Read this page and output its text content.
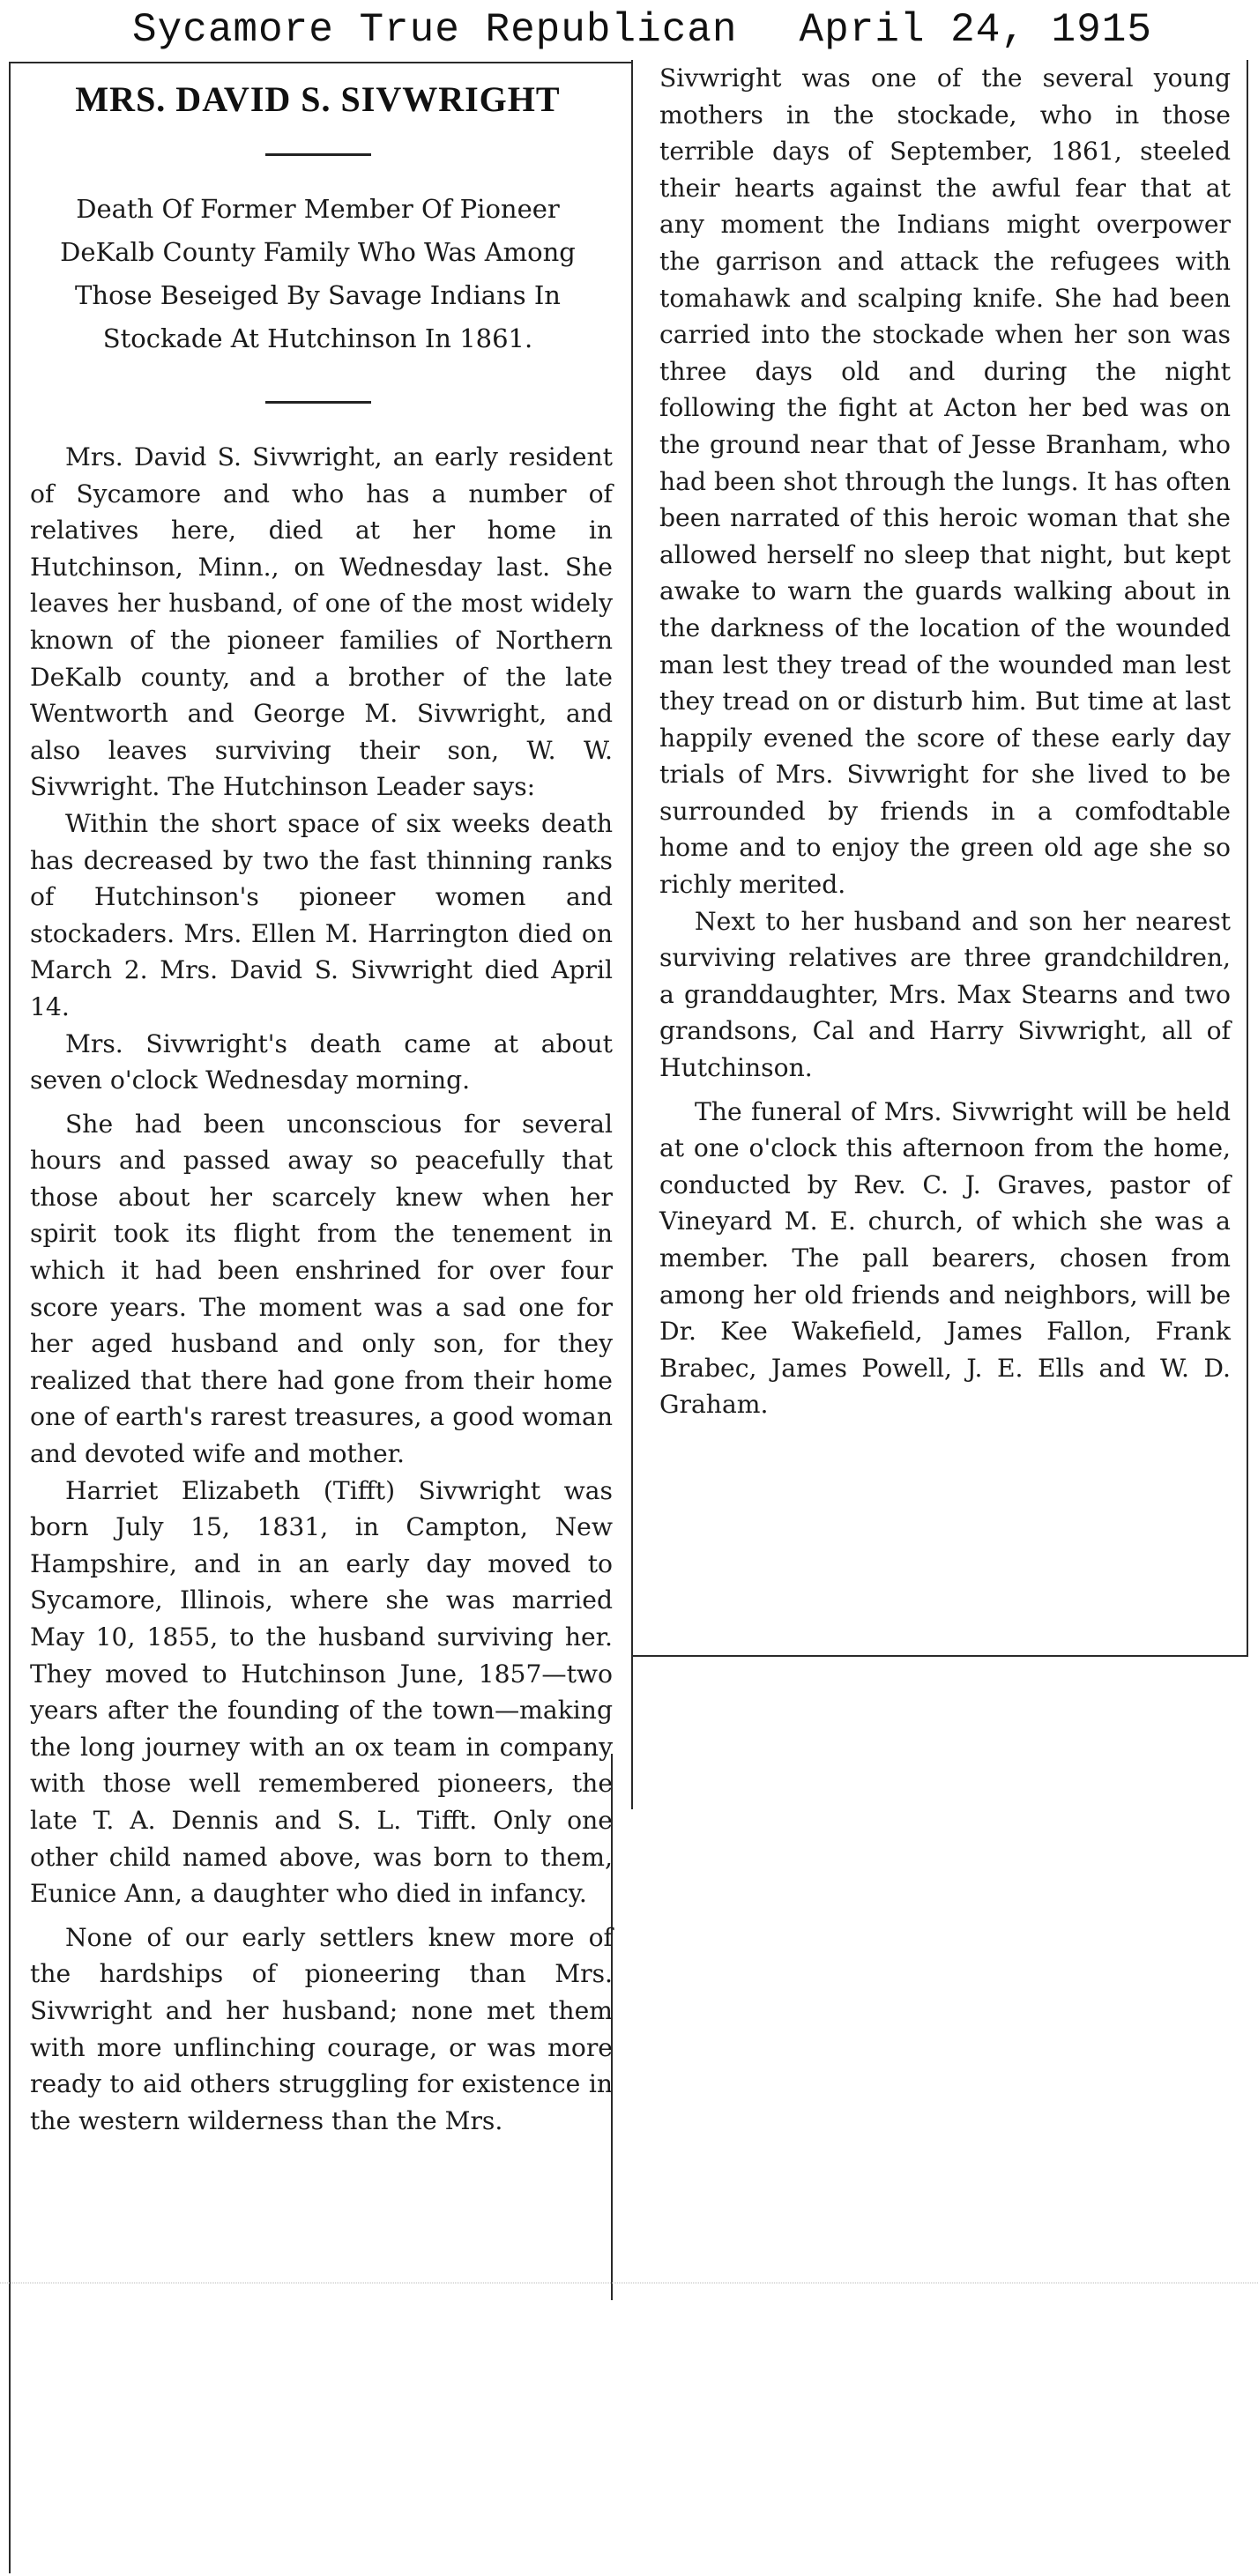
Sycamore True Republican April 24, 1915
MRS. DAVID S. SIVWRIGHT
Death Of Former Member Of Pioneer DeKalb County Family Who Was Among Those Beseiged By Savage Indians In Stockade At Hutchinson In 1861.

Mrs. David S. Sivwright, an early resident of Sycamore and who has a number of relatives here, died at her home in Hutchinson, Minn., on Wednesday last. She leaves her husband, of one of the most widely known of the pioneer families of Northern DeKalb county, and a brother of the late Wentworth and George M. Sivwright, and also leaves surviving their son, W. W. Sivwright. The Hutchinson Leader says:

Within the short space of six weeks death has decreased by two the fast thinning ranks of Hutchinson's pioneer women and stockaders. Mrs. Ellen M. Harrington died on March 2. Mrs. David S. Sivwright died April 14.

Mrs. Sivwright's death came at about seven o'clock Wednesday morning.

She had been unconscious for several hours and passed away so peacefully that those about her scarcely knew when her spirit took its flight from the tenement in which it had been enshrined for over four score years. The moment was a sad one for her aged husband and only son, for they realized that there had gone from their home one of earth's rarest treasures, a good woman and devoted wife and mother.

Harriet Elizabeth (Tifft) Sivwright was born July 15, 1831, in Campton, New Hampshire, and in an early day moved to Sycamore, Illinois, where she was married May 10, 1855, to the husband surviving her. They moved to Hutchinson June, 1857—two years after the founding of the town—making the long journey with an ox team in company with those well remembered pioneers, the late T. A. Dennis and S. L. Tifft. Only one other child named above, was born to them, Eunice Ann, a daughter who died in infancy.

None of our early settlers knew more of the hardships of pioneering than Mrs. Sivwright and her husband; none met them with more unflinching courage, or was more ready to aid others struggling for existence in the western wilderness than the Mrs.

Sivwright was one of the several young mothers in the stockade, who in those terrible days of September, 1861, steeled their hearts against the awful fear that at any moment the Indians might overpower the garrison and attack the refugees with tomahawk and scalping knife. She had been carried into the stockade when her son was three days old and during the night following the fight at Acton her bed was on the ground near that of Jesse Branham, who had been shot through the lungs. It has often been narrated of this heroic woman that she allowed herself no sleep that night, but kept awake to warn the guards walking about in the darkness of the location of the wounded man lest they tread of the wounded man lest they tread on or disturb him. But time at last happily evened the score of these early day trials of Mrs. Sivwright for she lived to be surrounded by friends in a comfodtable home and to enjoy the green old age she so richly merited.

Next to her husband and son her nearest surviving relatives are three grandchildren, a granddaughter, Mrs. Max Stearns and two grandsons, Cal and Harry Sivwright, all of Hutchinson.

The funeral of Mrs. Sivwright will be held at one o'clock this afternoon from the home, conducted by Rev. C. J. Graves, pastor of Vineyard M. E. church, of which she was a member. The pall bearers, chosen from among her old friends and neighbors, will be Dr. Kee Wakefield, James Fallon, Frank Brabec, James Powell, J. E. Ells and W. D. Graham.
